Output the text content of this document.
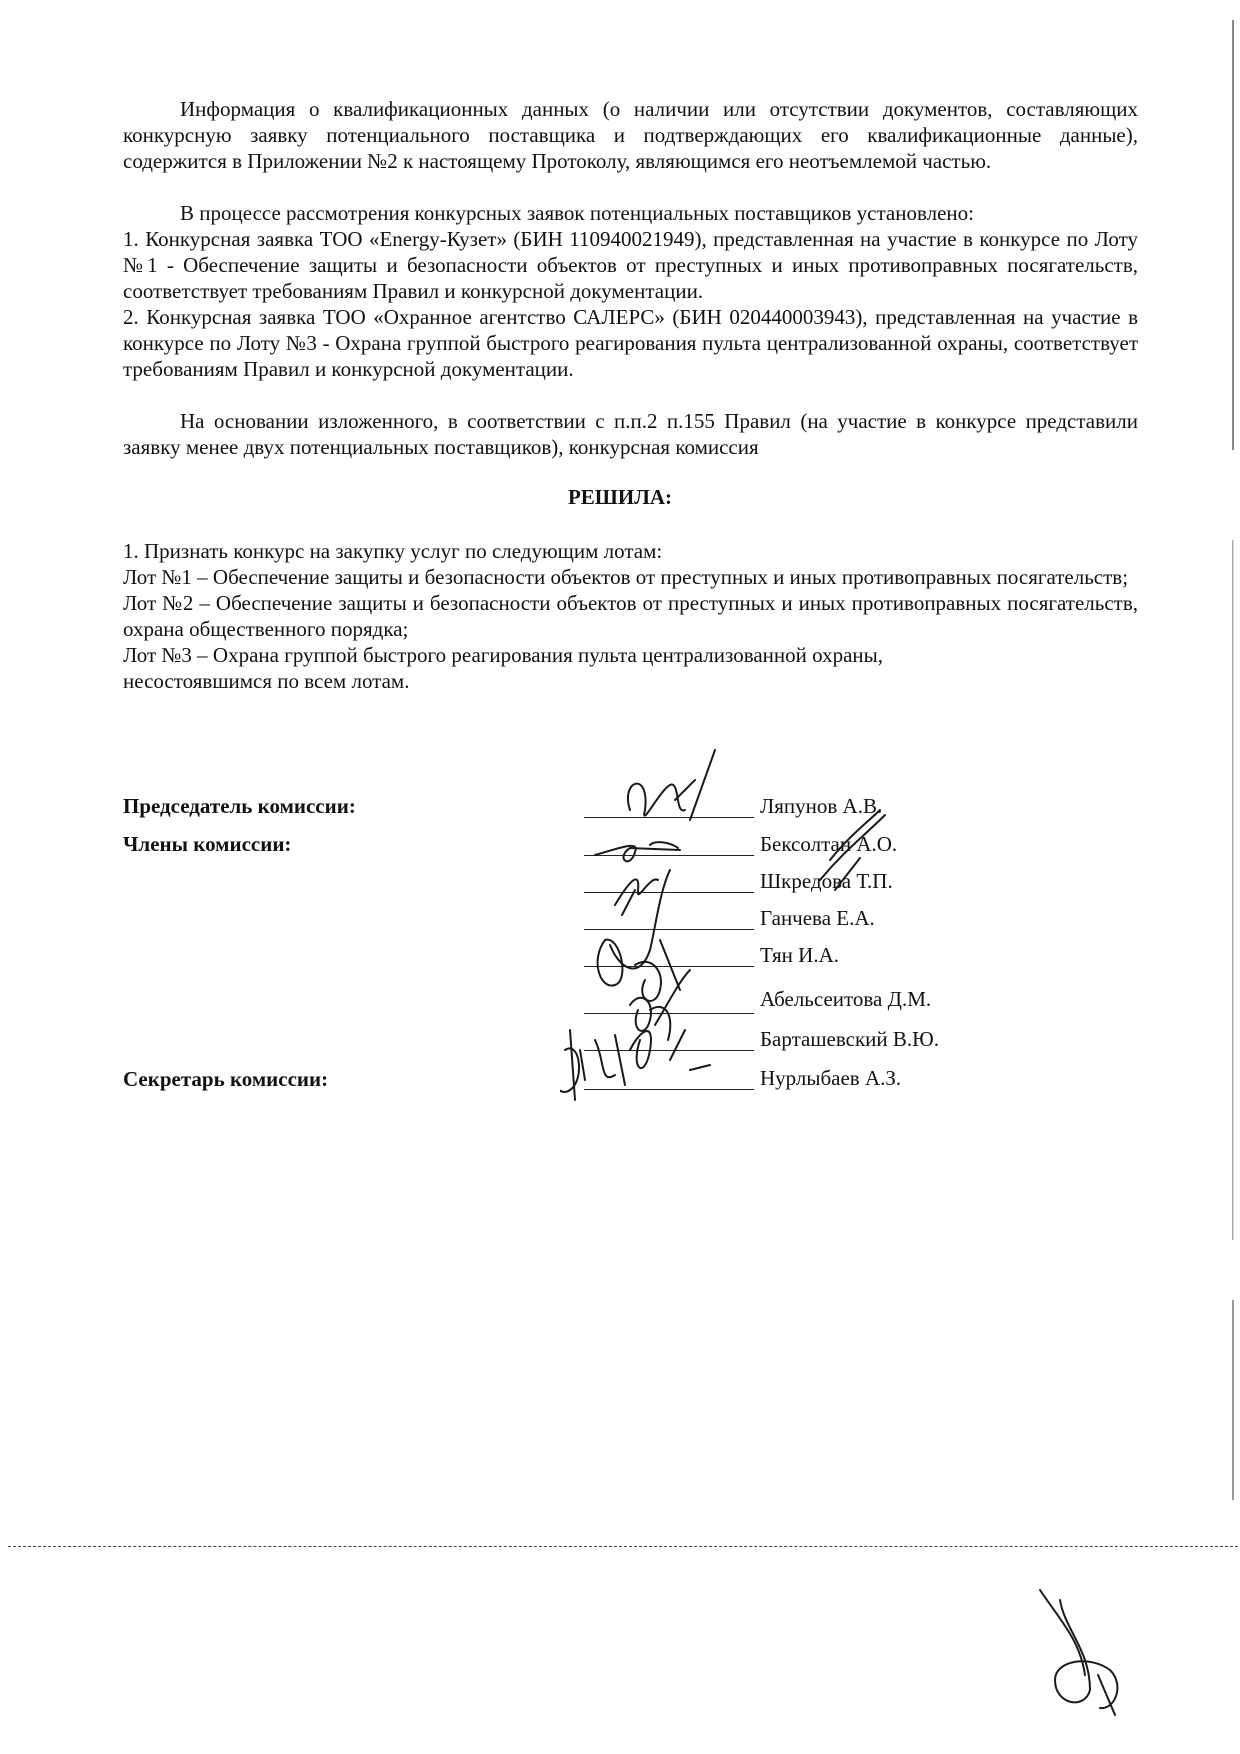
Информация о квалификационных данных (о наличии или отсутствии документов, составляющих конкурсную заявку потенциального поставщика и подтверждающих его квалификационные данные), содержится в Приложении №2 к настоящему Протоколу, являющимся его неотъемлемой частью.

В процессе рассмотрения конкурсных заявок потенциальных поставщиков установлено:

1. Конкурсная заявка ТОО «Energy-Кузет» (БИН 110940021949), представленная на участие в конкурсе по Лоту №1 - Обеспечение защиты и безопасности объектов от преступных и иных противоправных посягательств, соответствует требованиям Правил и конкурсной документации.

2. Конкурсная заявка ТОО «Охранное агентство САЛЕРС» (БИН 020440003943), представленная на участие в конкурсе по Лоту №3 - Охрана группой быстрого реагирования пульта централизованной охраны, соответствует требованиям Правил и конкурсной документации.

На основании изложенного, в соответствии с п.п.2 п.155 Правил (на участие в конкурсе представили заявку менее двух потенциальных поставщиков), конкурсная комиссия

РЕШИЛА:

1. Признать конкурс на закупку услуг по следующим лотам:

Лот №1 – Обеспечение защиты и безопасности объектов от преступных и иных противоправных посягательств;

Лот №2 – Обеспечение защиты и безопасности объектов от преступных и иных противоправных посягательств, охрана общественного порядка;

Лот №3 – Охрана группой быстрого реагирования пульта централизованной охраны,

несостоявшимся по всем лотам.

Председатель комиссии:
Члены комиссии:
Секретарь комиссии:
Ляпунов А.В.
Бексолтан А.О.
Шкредова Т.П.
Ганчева Е.А.
Тян И.А.
Абельсеитова Д.М.
Барташевский В.Ю.
Нурлыбаев А.З.
